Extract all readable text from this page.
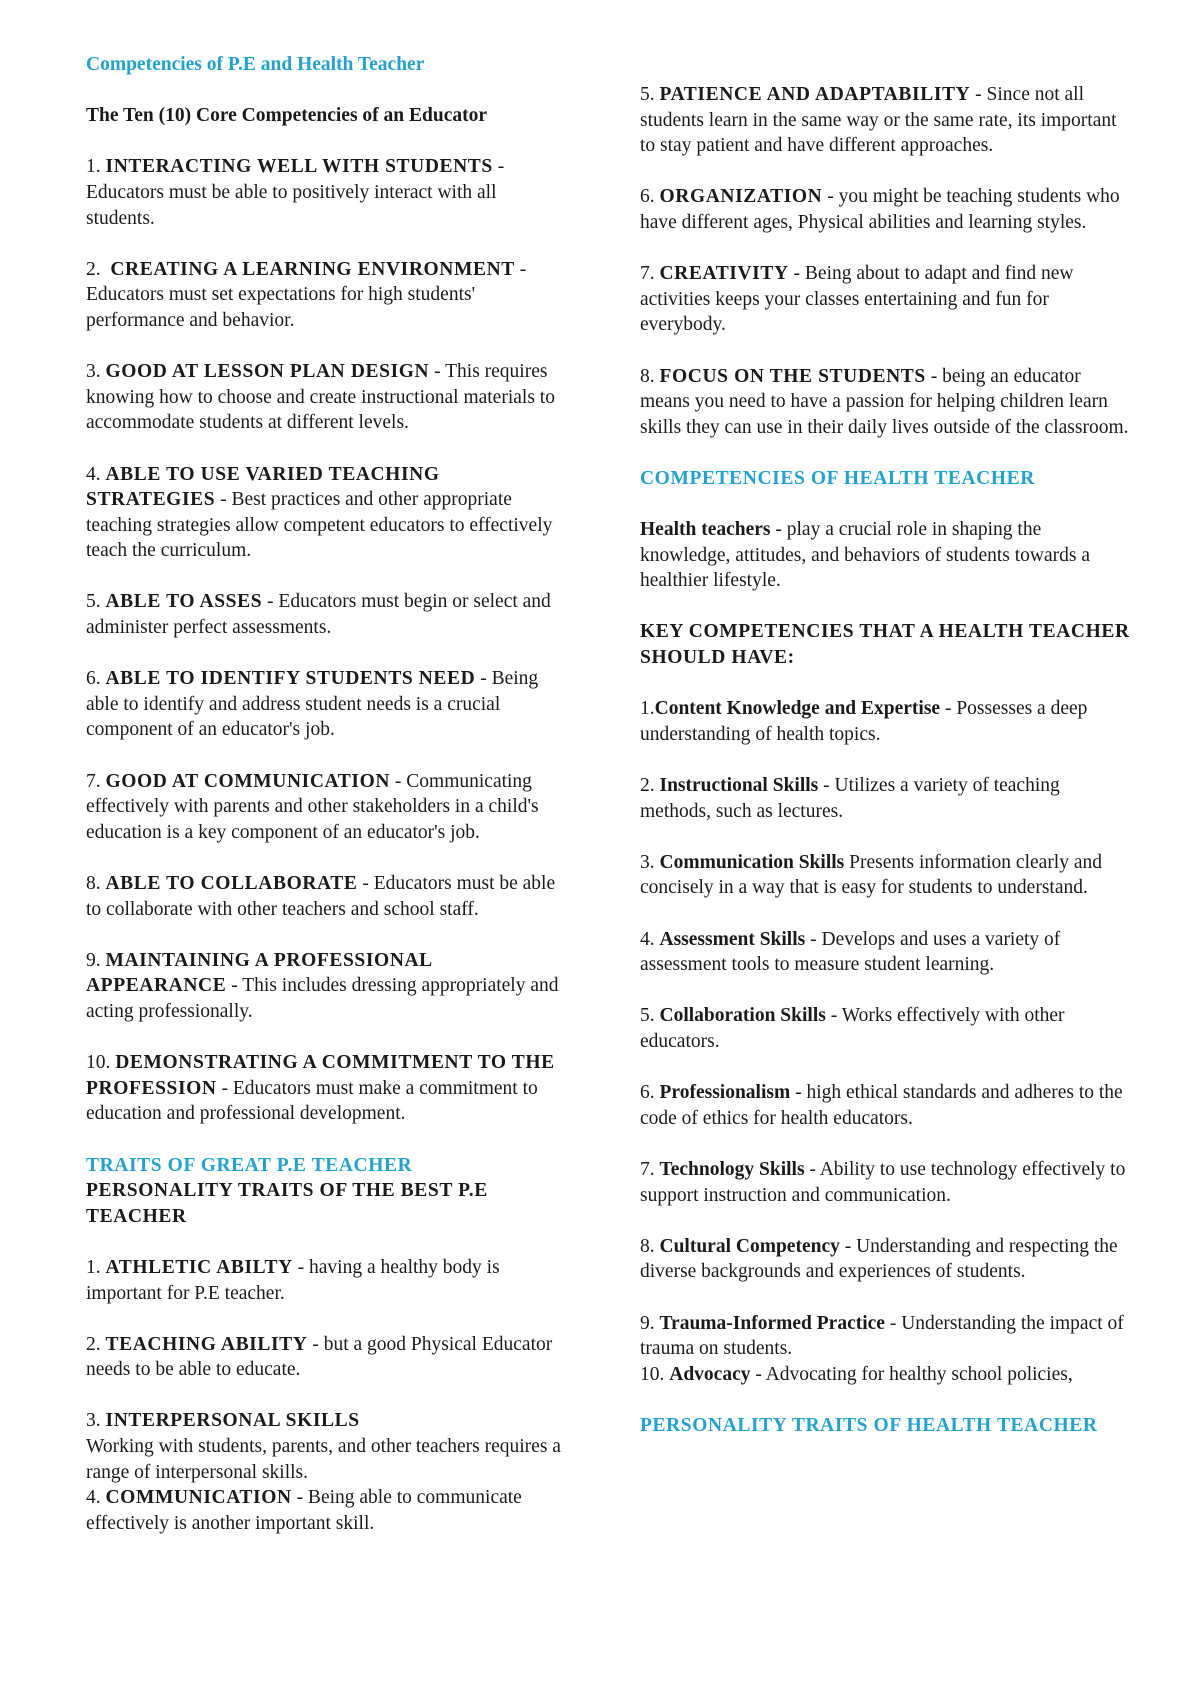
Competencies of P.E and Health Teacher
The Ten (10) Core Competencies of an Educator
1. INTERACTING WELL WITH STUDENTS - Educators must be able to positively interact with all students.
2. CREATING A LEARNING ENVIRONMENT - Educators must set expectations for high students' performance and behavior.
3. GOOD AT LESSON PLAN DESIGN - This requires knowing how to choose and create instructional materials to accommodate students at different levels.
4. ABLE TO USE VARIED TEACHING STRATEGIES - Best practices and other appropriate teaching strategies allow competent educators to effectively teach the curriculum.
5. ABLE TO ASSES - Educators must begin or select and administer perfect assessments.
6. ABLE TO IDENTIFY STUDENTS NEED - Being able to identify and address student needs is a crucial component of an educator's job.
7. GOOD AT COMMUNICATION - Communicating effectively with parents and other stakeholders in a child's education is a key component of an educator's job.
8. ABLE TO COLLABORATE - Educators must be able to collaborate with other teachers and school staff.
9. MAINTAINING A PROFESSIONAL APPEARANCE - This includes dressing appropriately and acting professionally.
10. DEMONSTRATING A COMMITMENT TO THE PROFESSION - Educators must make a commitment to education and professional development.
TRAITS OF GREAT P.E TEACHER
PERSONALITY TRAITS OF THE BEST P.E TEACHER
1. ATHLETIC ABILTY - having a healthy body is important for P.E teacher.
2. TEACHING ABILITY - but a good Physical Educator needs to be able to educate.
3. INTERPERSONAL SKILLS
Working with students, parents, and other teachers requires a range of interpersonal skills.
4. COMMUNICATION - Being able to communicate effectively is another important skill.
5. PATIENCE AND ADAPTABILITY - Since not all students learn in the same way or the same rate, its important to stay patient and have different approaches.
6. ORGANIZATION - you might be teaching students who have different ages, Physical abilities and learning styles.
7. CREATIVITY - Being about to adapt and find new activities keeps your classes entertaining and fun for everybody.
8. FOCUS ON THE STUDENTS - being an educator means you need to have a passion for helping children learn skills they can use in their daily lives outside of the classroom.
COMPETENCIES OF HEALTH TEACHER
Health teachers - play a crucial role in shaping the knowledge, attitudes, and behaviors of students towards a healthier lifestyle.
KEY COMPETENCIES THAT A HEALTH TEACHER SHOULD HAVE:
1.Content Knowledge and Expertise - Possesses a deep understanding of health topics.
2. Instructional Skills - Utilizes a variety of teaching methods, such as lectures.
3. Communication Skills Presents information clearly and concisely in a way that is easy for students to understand.
4. Assessment Skills - Develops and uses a variety of assessment tools to measure student learning.
5. Collaboration Skills - Works effectively with other educators.
6. Professionalism - high ethical standards and adheres to the code of ethics for health educators.
7. Technology Skills - Ability to use technology effectively to support instruction and communication.
8. Cultural Competency - Understanding and respecting the diverse backgrounds and experiences of students.
9. Trauma-Informed Practice - Understanding the impact of trauma on students.
10. Advocacy - Advocating for healthy school policies,
PERSONALITY TRAITS OF HEALTH TEACHER
